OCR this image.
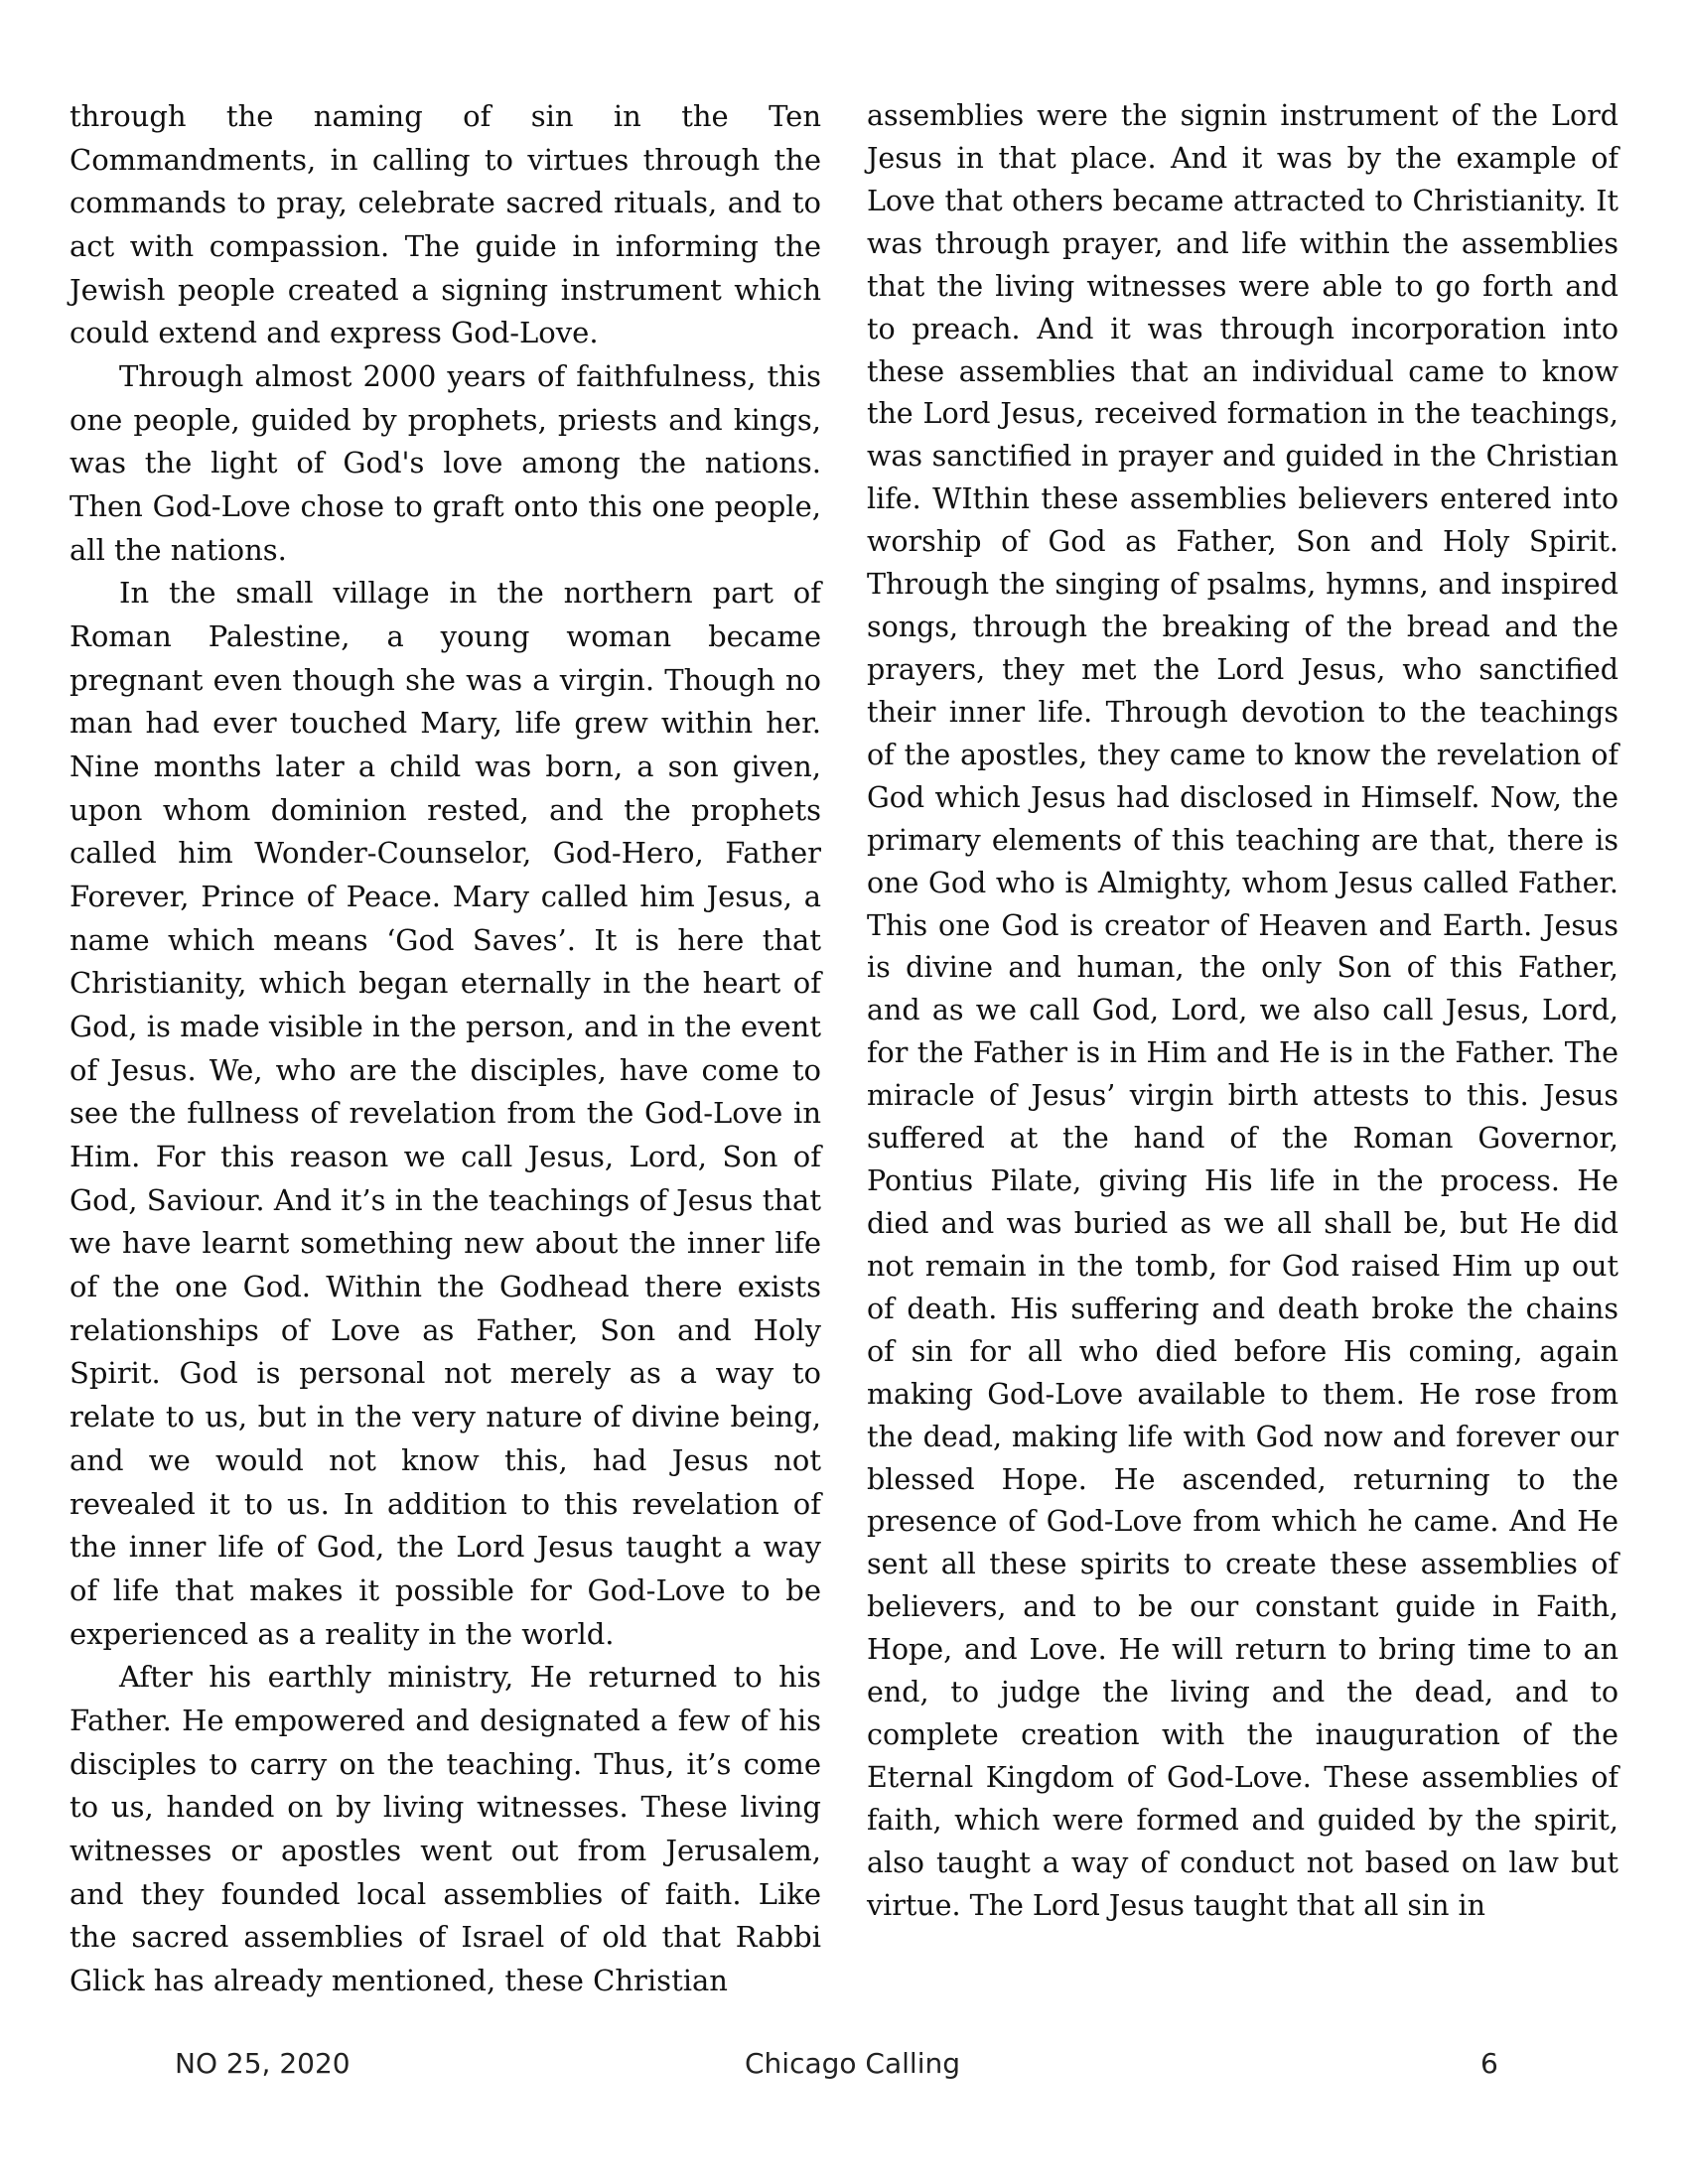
through the naming of sin in the Ten Commandments, in calling to virtues through the commands to pray, celebrate sacred rituals, and to act with compassion. The guide in informing the Jewish people created a signing instrument which could extend and express God-Love.

Through almost 2000 years of faithfulness, this one people, guided by prophets, priests and kings, was the light of God's love among the nations. Then God-Love chose to graft onto this one people, all the nations.

In the small village in the northern part of Roman Palestine, a young woman became pregnant even though she was a virgin. Though no man had ever touched Mary, life grew within her. Nine months later a child was born, a son given, upon whom dominion rested, and the prophets called him Wonder-Counselor, God-Hero, Father Forever, Prince of Peace. Mary called him Jesus, a name which means ‘God Saves’. It is here that Christianity, which began eternally in the heart of God, is made visible in the person, and in the event of Jesus. We, who are the disciples, have come to see the fullness of revelation from the God-Love in Him. For this reason we call Jesus, Lord, Son of God, Saviour. And it’s in the teachings of Jesus that we have learnt something new about the inner life of the one God. Within the Godhead there exists relationships of Love as Father, Son and Holy Spirit. God is personal not merely as a way to relate to us, but in the very nature of divine being, and we would not know this, had Jesus not revealed it to us. In addition to this revelation of the inner life of God, the Lord Jesus taught a way of life that makes it possible for God-Love to be experienced as a reality in the world.

After his earthly ministry, He returned to his Father. He empowered and designated a few of his disciples to carry on the teaching. Thus, it’s come to us, handed on by living witnesses. These living witnesses or apostles went out from Jerusalem, and they founded local assemblies of faith. Like the sacred assemblies of Israel of old that Rabbi Glick has already mentioned, these Christian

assemblies were the signin instrument of the Lord Jesus in that place. And it was by the example of Love that others became attracted to Christianity. It was through prayer, and life within the assemblies that the living witnesses were able to go forth and to preach. And it was through incorporation into these assemblies that an individual came to know the Lord Jesus, received formation in the teachings, was sanctified in prayer and guided in the Christian life. WIthin these assemblies believers entered into worship of God as Father, Son and Holy Spirit. Through the singing of psalms, hymns, and inspired songs, through the breaking of the bread and the prayers, they met the Lord Jesus, who sanctified their inner life. Through devotion to the teachings of the apostles, they came to know the revelation of God which Jesus had disclosed in Himself. Now, the primary elements of this teaching are that, there is one God who is Almighty, whom Jesus called Father. This one God is creator of Heaven and Earth. Jesus is divine and human, the only Son of this Father, and as we call God, Lord, we also call Jesus, Lord, for the Father is in Him and He is in the Father. The miracle of Jesus’ virgin birth attests to this. Jesus suffered at the hand of the Roman Governor, Pontius Pilate, giving His life in the process. He died and was buried as we all shall be, but He did not remain in the tomb, for God raised Him up out of death. His suffering and death broke the chains of sin for all who died before His coming, again making God-Love available to them. He rose from the dead, making life with God now and forever our blessed Hope. He ascended, returning to the presence of God-Love from which he came. And He sent all these spirits to create these assemblies of believers, and to be our constant guide in Faith, Hope, and Love. He will return to bring time to an end, to judge the living and the dead, and to complete creation with the inauguration of the Eternal Kingdom of God-Love. These assemblies of faith, which were formed and guided by the spirit, also taught a way of conduct not based on law but virtue. The Lord Jesus taught that all sin in

NO 25, 2020	Chicago Calling	6
